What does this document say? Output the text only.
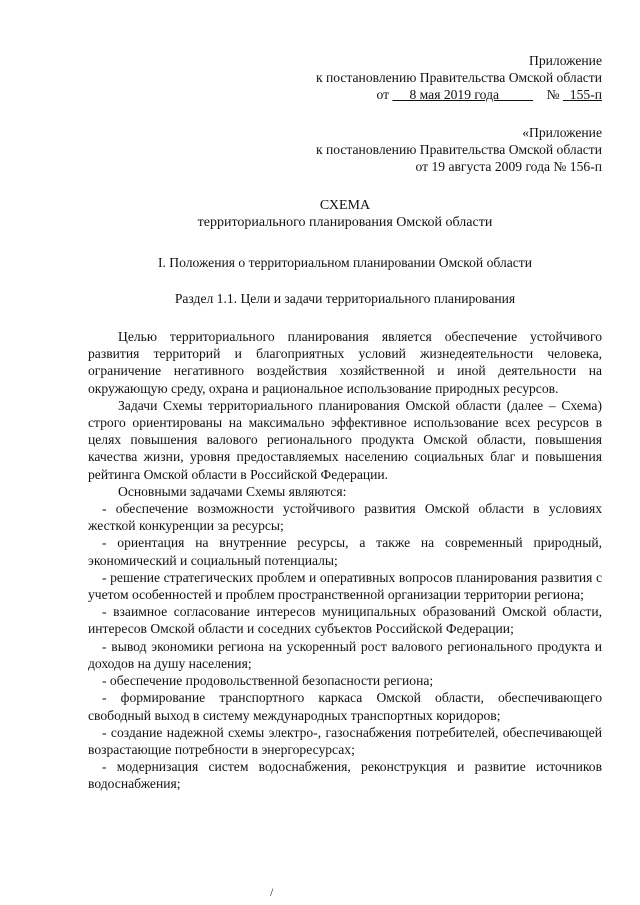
Приложение
к постановлению Правительства Омской области
от 8 мая 2019 года	№ 155-п
«Приложение
к постановлению Правительства Омской области
от 19 августа 2009 года № 156-п
СХЕМА
территориального планирования Омской области
I. Положения о территориальном планировании Омской области
Раздел 1.1. Цели и задачи территориального планирования

Целью территориального планирования является обеспечение устойчивого развития территорий и благоприятных условий жизнедеятельности человека, ограничение негативного воздействия хозяйственной и иной деятельности на окружающую среду, охрана и рациональное использование природных ресурсов.

Задачи Схемы территориального планирования Омской области (далее – Схема) строго ориентированы на максимально эффективное использование всех ресурсов в целях повышения валового регионального продукта Омской области, повышения качества жизни, уровня предоставляемых населению социальных благ и повышения рейтинга Омской области в Российской Федерации.

Основными задачами Схемы являются:

- обеспечение возможности устойчивого развития Омской области в условиях жесткой конкуренции за ресурсы;

- ориентация на внутренние ресурсы, а также на современный природный, экономический и социальный потенциалы;

- решение стратегических проблем и оперативных вопросов планирования развития с учетом особенностей и проблем пространственной организации территории региона;

- взаимное согласование интересов муниципальных образований Омской области, интересов Омской области и соседних субъектов Российской Федерации;

- вывод экономики региона на ускоренный рост валового регионального продукта и доходов на душу населения;

- обеспечение продовольственной безопасности региона;

- формирование транспортного каркаса Омской области, обеспечивающего свободный выход в систему международных транспортных коридоров;

- создание надежной схемы электро-, газоснабжения потребителей, обеспечивающей возрастающие потребности в энергоресурсах;

- модернизация систем водоснабжения, реконструкция и развитие источников водоснабжения;

/
